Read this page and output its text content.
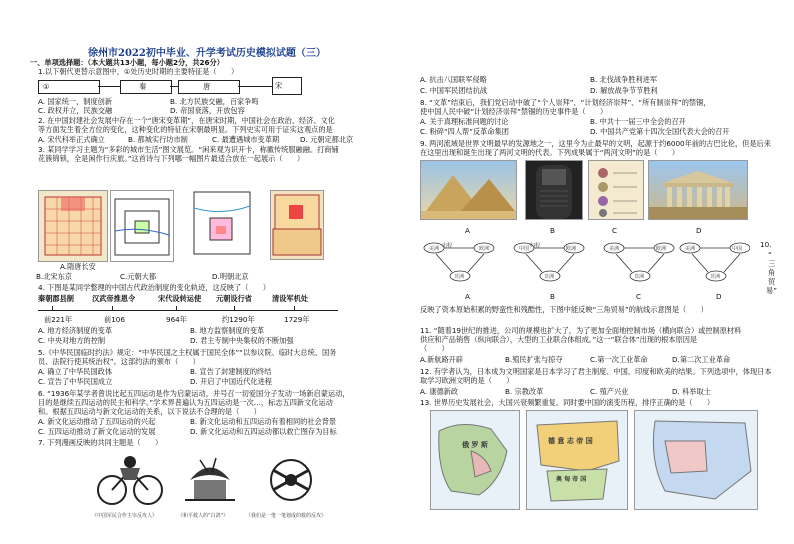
徐州市2022初中毕业、升学考试历史模拟试题（三）
一、单项选择题：（本大题共13小题，每小题2分，共26分）
1.以下朝代更替示意图中，①处历史时期的主要特征是（　　）
①	秦	唐	宋
A. 国家统一，制度创新	B. 北方民族交融，百家争鸣
C. 政权并立，民族交融	D. 帝国衰落，开放包容
2. 在中国封建社会发展中存在一个“唐宋变革期”，在唐宋时期，中国社会在政治、经济、文化
等方面发生着全方位的变化，这种变化的特征在宋朝最明显。下列史实可用于证实这观点的是
A. 宋代科举正式确立	B. 都城实行坊市制	C. 最遭遇城市变革期	D. 元朝定都北京
3. 某同学学习主题为“多彩的城市生活”图文展览。“闲来观为识开卡，称徽传统服融融。打商铺
花簇锦锁，全是闲作行庆旅。”这首诗与下列哪一幅图片最适合放在一起展示（　　）
A.隋唐长安
B.北宋东京	C.元朝大都	D.明朝北京
4. 下图是某同学整理的中国古代政治制度的变化轨迹，这反映了（　　）
秦朝郡县制	汉武帝推恩令	宋代设转运使 元朝设行省	清设军机处
前221年	前106	964年	约1290年	1729年
A. 地方经济制度的变革	B. 地方监察制度的变革
C. 中央对地方的控制	D. 君主专制中央集权的不断加强
5.《中华民国临时约法》规定：“中华民国之主权属于国民全体”“以参议院、临时大总统、国务
员、法院行使其统治权”。这部约法的颁布（　　）
A. 确立了中华民国政体	B. 宣告了封建制度的终结
C. 宣告了中华民国成立	D. 开启了中国近代化进程
6. “1936年某学者曾说比起五四运动是作为启蒙运动，并号召一切爱国分子发动一场新启蒙运动，
目的是继续五四运动的民主和科学。”学术界普遍认为五四运动是一次…，标志五四新文化运动
和。根据五四运动与新文化运动的关系，以下说法不合理的是（　　）
A. 新文化运动推动了五四运动的兴起	B. 新文化运动和五四运动有着相同的社会背景
C. 五四运动推动了新文化运动的发展	D. 新文化运动和五四运动都以救亡图存为目标
7. 下列漫画反映的共同主题是（　　）
《中国军民合作主宰反攻人》	《和平救人的“白鸽”》	《我们是一笔一笔划成的救的反攻》
A. 抗击八国联军侵略	B. 北伐战争胜利进军
C. 中国军民团结抗战	D. 解放战争节节胜利
8. “文革”结束后，我们党启动中破了“个人崇拜”、“计划经济崇拜”、“所有制崇拜”的禁锢，
使中国人民中破“计划经济崇拜”禁锢的历史事件是（　　）
A. 关于真理标准问题的讨论	B. 中共十一届三中全会的召开
C. 粉碎“四人帮”反革命集团	D. 中国共产党第十四次全国代表大会的召开
9. 两河流域是世界文明最早的发源地之一，这里今为止最早的文明，起源于约6000年前的古巴比伦，但是后来
在这里出现和诞生出现了两河文明的代表。下列成果属于“两河文明”的是（　　）
A	B	C	D
美洲	欧洲
非洲
中国	欧洲
非洲
美洲	欧洲
非洲
美洲	中国
非洲
出程	归程	10.
“
三
角
贸
易”
A	B	C	D
反映了资本原始积累的野蛮性和残酷性，下图中能反映“三角贸易”的航线示意图是（　　）
11. “随着19世纪的推进，公司的规模也扩大了，为了更加全面地控制市场（横向联合）或控制原材料
供应和产品销售（纵向联合），大型的工业联合体组成。”这一“联合体”出现的根本原因是
（　　）
A.新航路开辟	B.殖民扩张与掠夺	C.第一次工业革命	D.第二次工业革命
12. 有学者认为，日本成为文明国家是日本学习了君主制度、中国、印度和欧美的结果。下列选项中，体现日本
取学习欧洲文明的是（　　）
A. 康德新政	B. 宗教改革	C. 殖产兴业	D. 科举取士
13. 世界历史发展社会，大国兴衰频繁重复。同时要中国的演变历程，排序正确的是（　　）
德 意 志 帝 国
奥 匈 帝 国
俄 罗 斯
